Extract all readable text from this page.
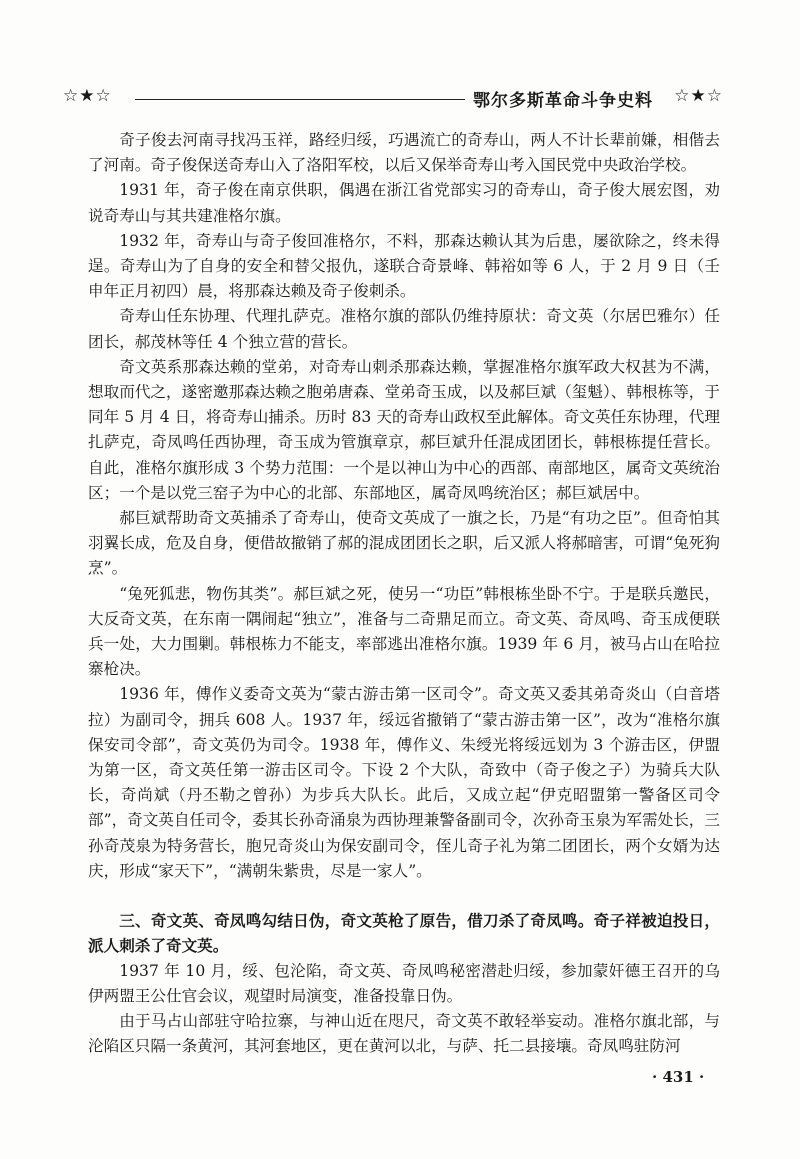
☆★☆	鄂尔多斯革命斗争史料 ☆★☆

奇子俊去河南寻找冯玉祥，路经归绥，巧遇流亡的奇寿山，两人不计长辈前嫌，相偕去了河南。奇子俊保送奇寿山入了洛阳军校，以后又保举奇寿山考入国民党中央政治学校。

1931 年，奇子俊在南京供职，偶遇在浙江省党部实习的奇寿山，奇子俊大展宏图，劝说奇寿山与其共建准格尔旗。

1932 年，奇寿山与奇子俊回准格尔，不料，那森达赖认其为后患，屡欲除之，终未得逞。奇寿山为了自身的安全和替父报仇，遂联合奇景峰、韩裕如等 6 人，于 2 月 9 日（壬申年正月初四）晨，将那森达赖及奇子俊刺杀。

奇寿山任东协理、代理扎萨克。准格尔旗的部队仍维持原状：奇文英（尔居巴雅尔）任团长，郝茂林等任 4 个独立营的营长。

奇文英系那森达赖的堂弟，对奇寿山刺杀那森达赖，掌握准格尔旗军政大权甚为不满，想取而代之，遂密邀那森达赖之胞弟唐森、堂弟奇玉成，以及郝巨斌（玺魁）、韩根栋等，于同年 5 月 4 日，将奇寿山捕杀。历时 83 天的奇寿山政权至此解体。奇文英任东协理，代理扎萨克，奇凤鸣任西协理，奇玉成为管旗章京，郝巨斌升任混成团团长，韩根栋提任营长。自此，准格尔旗形成 3 个势力范围：一个是以神山为中心的西部、南部地区，属奇文英统治区；一个是以党三窑子为中心的北部、东部地区，属奇凤鸣统治区；郝巨斌居中。

郝巨斌帮助奇文英捕杀了奇寿山，使奇文英成了一旗之长，乃是“有功之臣”。但奇怕其羽翼长成，危及自身，便借故撤销了郝的混成团团长之职，后又派人将郝暗害，可谓“兔死狗烹”。

“兔死狐悲，物伤其类”。郝巨斌之死，使另一“功臣”韩根栋坐卧不宁。于是联兵邀民，大反奇文英，在东南一隅闹起“独立”，准备与二奇鼎足而立。奇文英、奇凤鸣、奇玉成便联兵一处，大力围剿。韩根栋力不能支，率部逃出准格尔旗。1939 年 6 月，被马占山在哈拉寨枪决。

1936 年，傅作义委奇文英为“蒙古游击第一区司令”。奇文英又委其弟奇炎山（白音塔拉）为副司令，拥兵 608 人。1937 年，绥远省撤销了“蒙古游击第一区”，改为“准格尔旗保安司令部”，奇文英仍为司令。1938 年，傅作义、朱绶光将绥远划为 3 个游击区，伊盟为第一区，奇文英任第一游击区司令。下设 2 个大队，奇致中（奇子俊之子）为骑兵大队长，奇尚斌（丹丕勒之曾孙）为步兵大队长。此后，又成立起“伊克昭盟第一警备区司令部”，奇文英自任司令，委其长孙奇涌泉为西协理兼警备副司令，次孙奇玉泉为军需处长，三孙奇茂泉为特务营长，胞兄奇炎山为保安副司令，侄儿奇子礼为第二团团长，两个女婿为达庆，形成“家天下”，“满朝朱紫贵，尽是一家人”。

三、奇文英、奇凤鸣勾结日伪，奇文英枪了原告，借刀杀了奇凤鸣。奇子祥被迫投日，派人刺杀了奇文英。

1937 年 10 月，绥、包沦陷，奇文英、奇凤鸣秘密潜赴归绥，参加蒙奸德王召开的乌伊两盟王公仕官会议，观望时局演变，准备投靠日伪。

由于马占山部驻守哈拉寨，与神山近在咫尺，奇文英不敢轻举妄动。准格尔旗北部，与沦陷区只隔一条黄河，其河套地区，更在黄河以北，与萨、托二县接壤。奇凤鸣驻防河

· 431 ·
